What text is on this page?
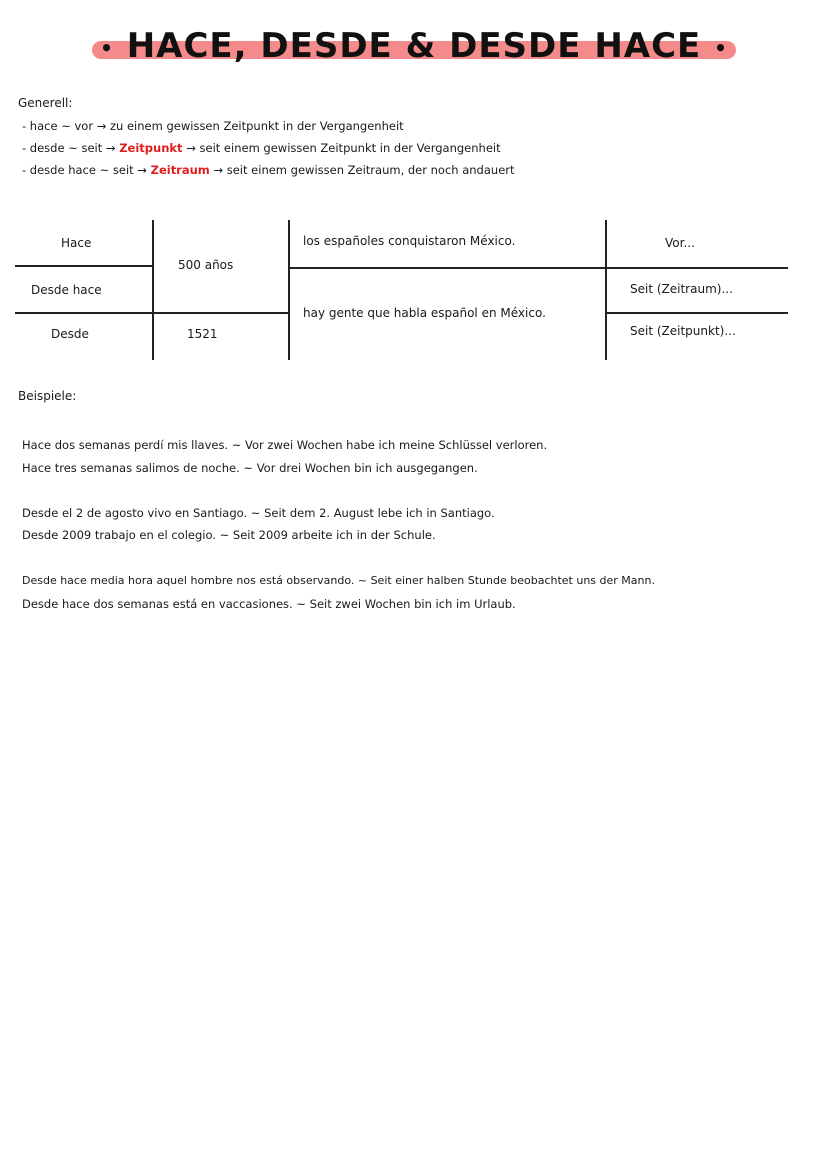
• HACE, DESDE & DESDE HACE •
Generell:
- hace ~ vor → zu einem gewissen Zeitpunkt in der Vergangenheit
- desde ~ seit → Zeitpunkt → seit einem gewissen Zeitpunkt in der Vergangenheit
- desde hace ~ seit → Zeitraum → seit einem gewissen Zeitraum, der noch andauert
Hace
Desde hace
Desde
500 años
1521
los españoles conquistaron México.
hay gente que habla español en México.
Vor...
Seit (Zeitraum)...
Seit (Zeitpunkt)...
Beispiele:
Hace dos semanas perdí mis llaves. ~ Vor zwei Wochen habe ich meine Schlüssel verloren.
Hace tres semanas salimos de noche. ~ Vor drei Wochen bin ich ausgegangen.
Desde el 2 de agosto vivo en Santiago. ~ Seit dem 2. August lebe ich in Santiago.
Desde 2009 trabajo en el colegio. ~ Seit 2009 arbeite ich in der Schule.
Desde hace media hora aquel hombre nos está observando. ~ Seit einer halben Stunde beobachtet uns der Mann.
Desde hace dos semanas está en vaccasiones. ~ Seit zwei Wochen bin ich im Urlaub.
